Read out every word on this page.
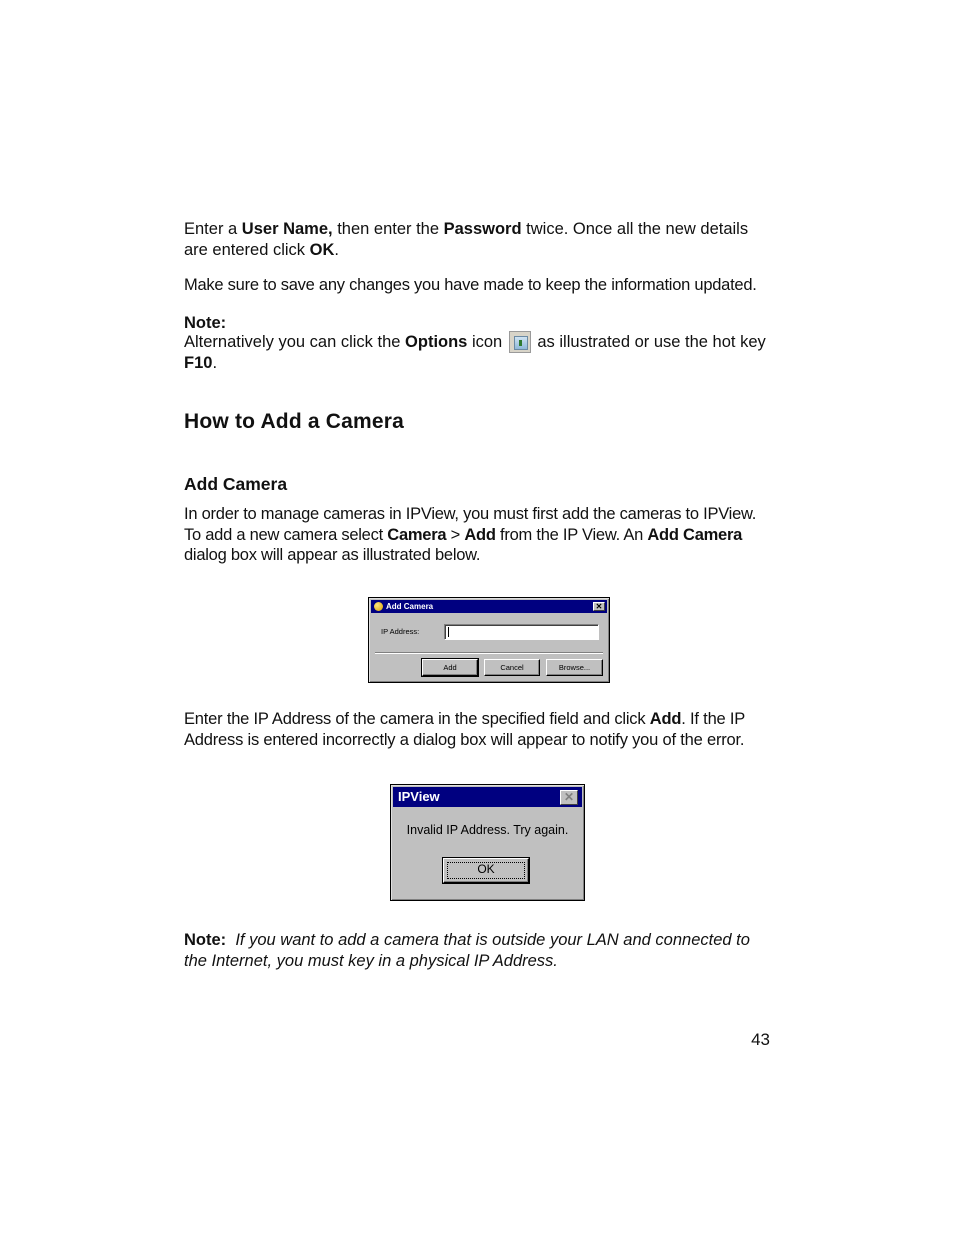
Enter a User Name, then enter the Password twice. Once all the new details are entered click OK.

Make sure to save any changes you have made to keep the information updated.

Note:

Alternatively you can click the Options icon  as illustrated or use the hot key F10.

How to Add a Camera
Add Camera

In order to manage cameras in IPView, you must first add the cameras to IPView. To add a new camera select Camera > Add from the IP View. An Add Camera dialog box will appear as illustrated below.

Add Camera	✕
IP Address:
Add	Cancel	Browse...

Enter the IP Address of the camera in the specified field and click Add. If the IP Address is entered incorrectly a dialog box will appear to notify you of the error.

IPView	✕
Invalid IP Address. Try again.
OK

Note: If you want to add a camera that is outside your LAN and connected to the Internet, you must key in a physical IP Address.

43
